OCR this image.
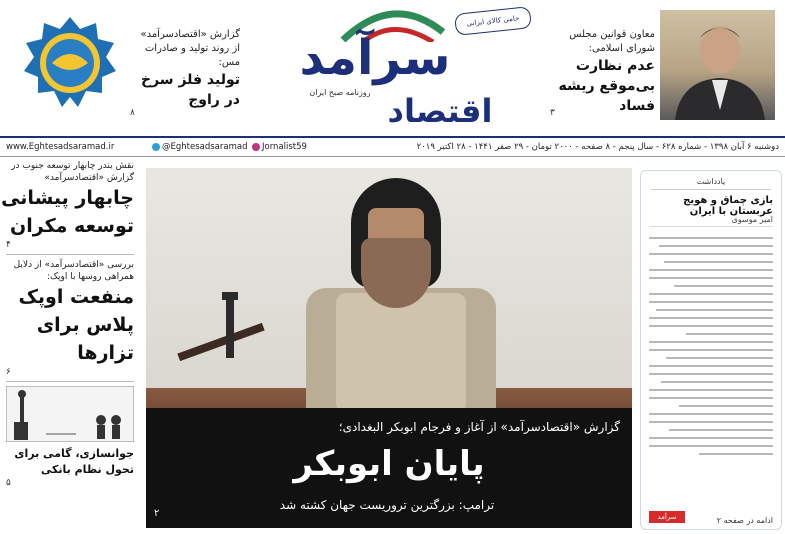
سرآمد
اقتصاد
روزنامه صبح ایران
حامی کالای ایرانی
معاون قوانین مجلس شورای اسلامی:
عدم نظارت بی‌موقع ریشه فساد
۳
گزارش «اقتصادسرآمد» از روند تولید و صادرات مس:
تولید فلز سرخ در راوج
۸
دوشنبه ۶ آبان ۱۳۹۸ - شماره ۶۲۸ - سال پنجم - ۸ صفحه - ۲۰۰۰ تومان - ۲۹ صفر ۱۴۴۱ - ۲۸ اکتبر ۲۰۱۹
Jornalist59
@Eghtesadsaramad
www.Eghtesadsaramad.ir
نقش بندر چابهار توسعه جنوب در گزارش «اقتصادسرآمد»
چابهار پیشانی توسعه مکران
۴
بررسی «اقتصادسرآمد» از دلایل همراهی روسها با اوپک:
منفعت اوپک پلاس برای تزارها
۶
جوانسازی، گامی برای تحول نظام بانکی
۵
گزارش «اقتصادسرآمد» از آغاز و فرجام ابوبکر البغدادی؛
پایان ابوبکر
ترامپ: بزرگترین تروریست جهان کشته شد
۲
یادداشت
بازی چماق و هویج عربستان با ایران
امیر موسوی
ادامه در صفحه ۲
سرآمد
